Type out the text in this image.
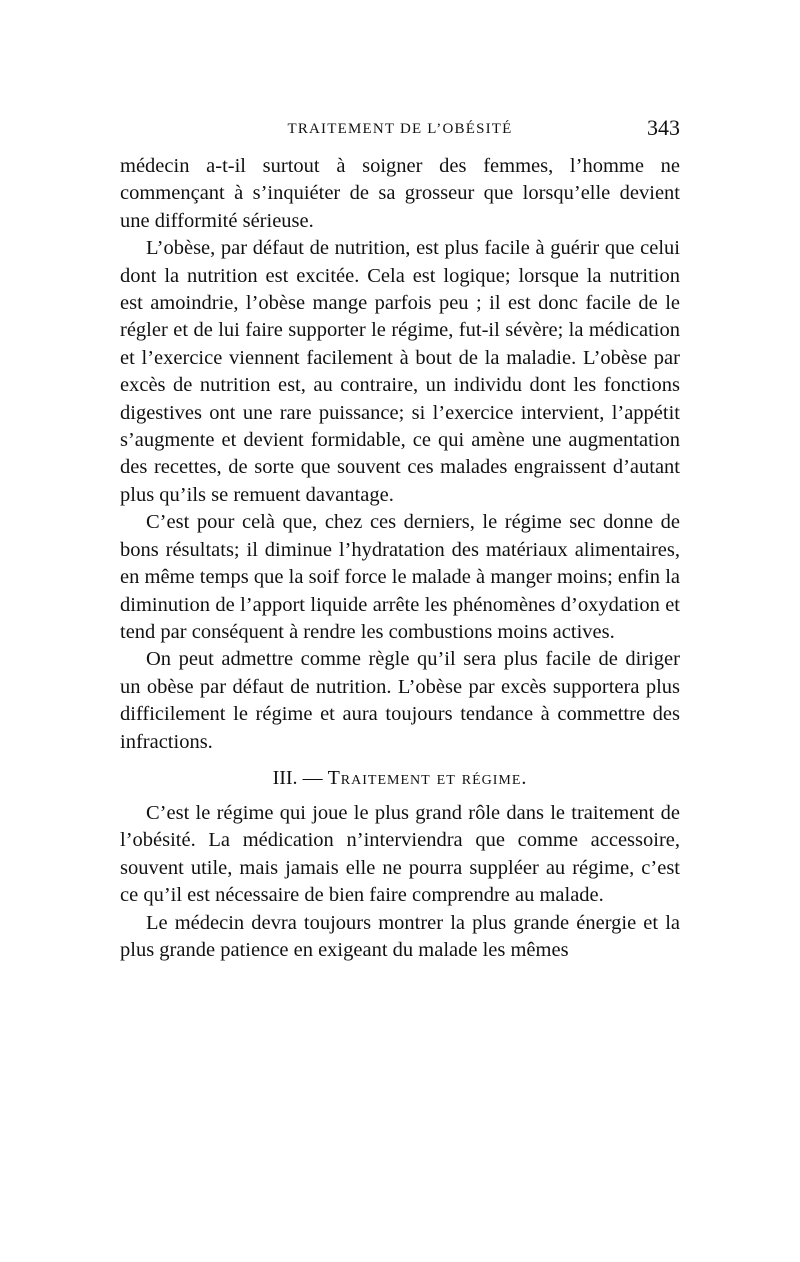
TRAITEMENT DE L’OBÉSITÉ	343

médecin a-t-il surtout à soigner des femmes, l’homme ne commençant à s’inquiéter de sa grosseur que lorsqu’elle devient une difformité sérieuse.

L’obèse, par défaut de nutrition, est plus facile à guérir que celui dont la nutrition est excitée. Cela est logique; lorsque la nutrition est amoindrie, l’obèse mange parfois peu ; il est donc facile de le régler et de lui faire supporter le régime, fut-il sévère; la médication et l’exercice viennent facilement à bout de la maladie. L’obèse par excès de nutrition est, au contraire, un individu dont les fonctions digestives ont une rare puissance; si l’exercice intervient, l’appétit s’augmente et devient formidable, ce qui amène une augmentation des recettes, de sorte que souvent ces malades engraissent d’autant plus qu’ils se remuent davantage.

C’est pour celà que, chez ces derniers, le régime sec donne de bons résultats; il diminue l’hydratation des matériaux alimentaires, en même temps que la soif force le malade à manger moins; enfin la diminution de l’apport liquide arrête les phénomènes d’oxydation et tend par conséquent à rendre les combustions moins actives.

On peut admettre comme règle qu’il sera plus facile de diriger un obèse par défaut de nutrition. L’obèse par excès supportera plus difficilement le régime et aura toujours tendance à commettre des infractions.

III. — Traitement et régime.

C’est le régime qui joue le plus grand rôle dans le traitement de l’obésité. La médication n’interviendra que comme accessoire, souvent utile, mais jamais elle ne pourra suppléer au régime, c’est ce qu’il est nécessaire de bien faire comprendre au malade.

Le médecin devra toujours montrer la plus grande énergie et la plus grande patience en exigeant du malade les mêmes
